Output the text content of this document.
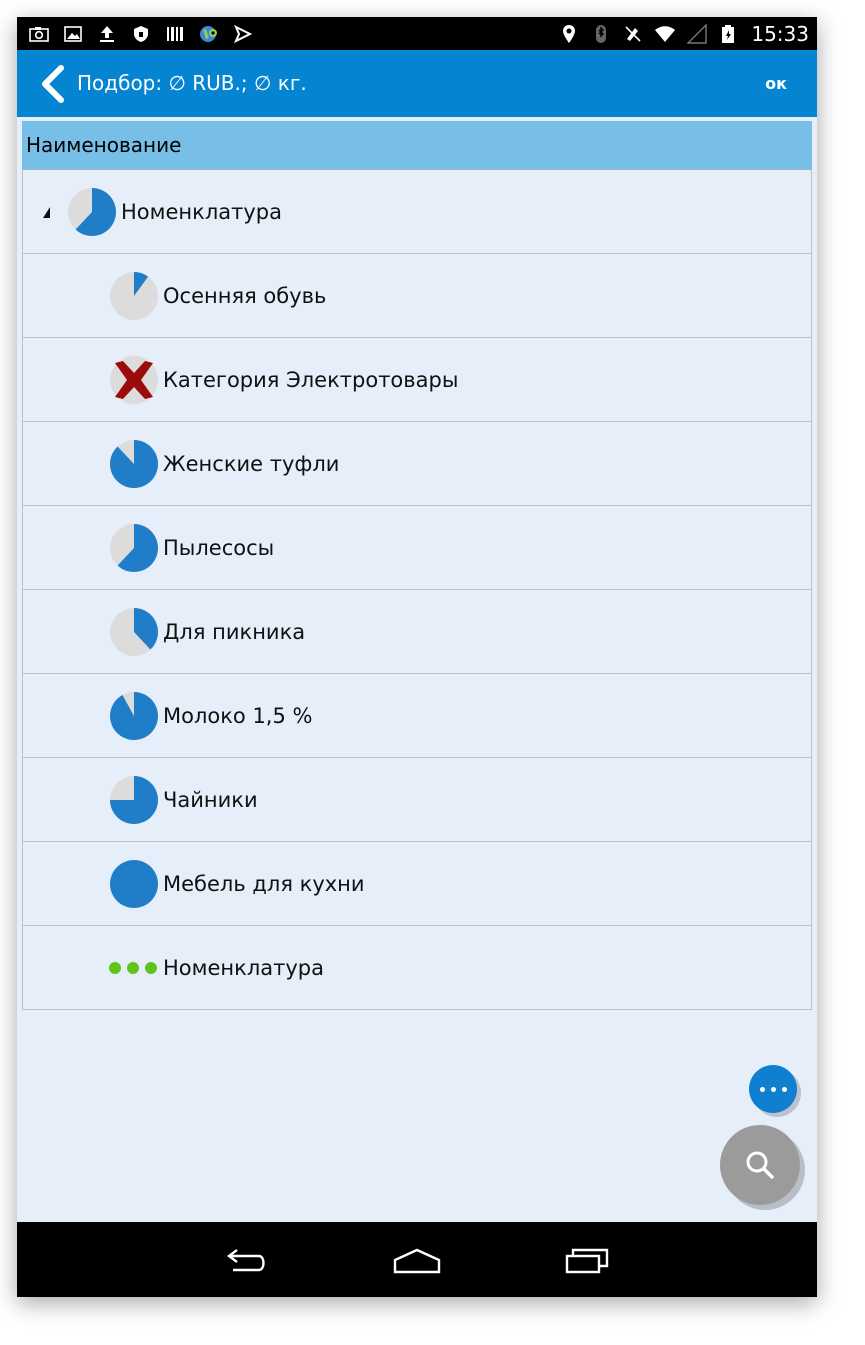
15:33
Подбор: ∅ RUB.; ∅ кг.	ок
Наименование
Номенклатура
Осенняя обувь
Категория Электротовары
Женские туфли
Пылесосы
Для пикника
Молоко 1,5 %
Чайники
Мебель для кухни
Номенклатура
